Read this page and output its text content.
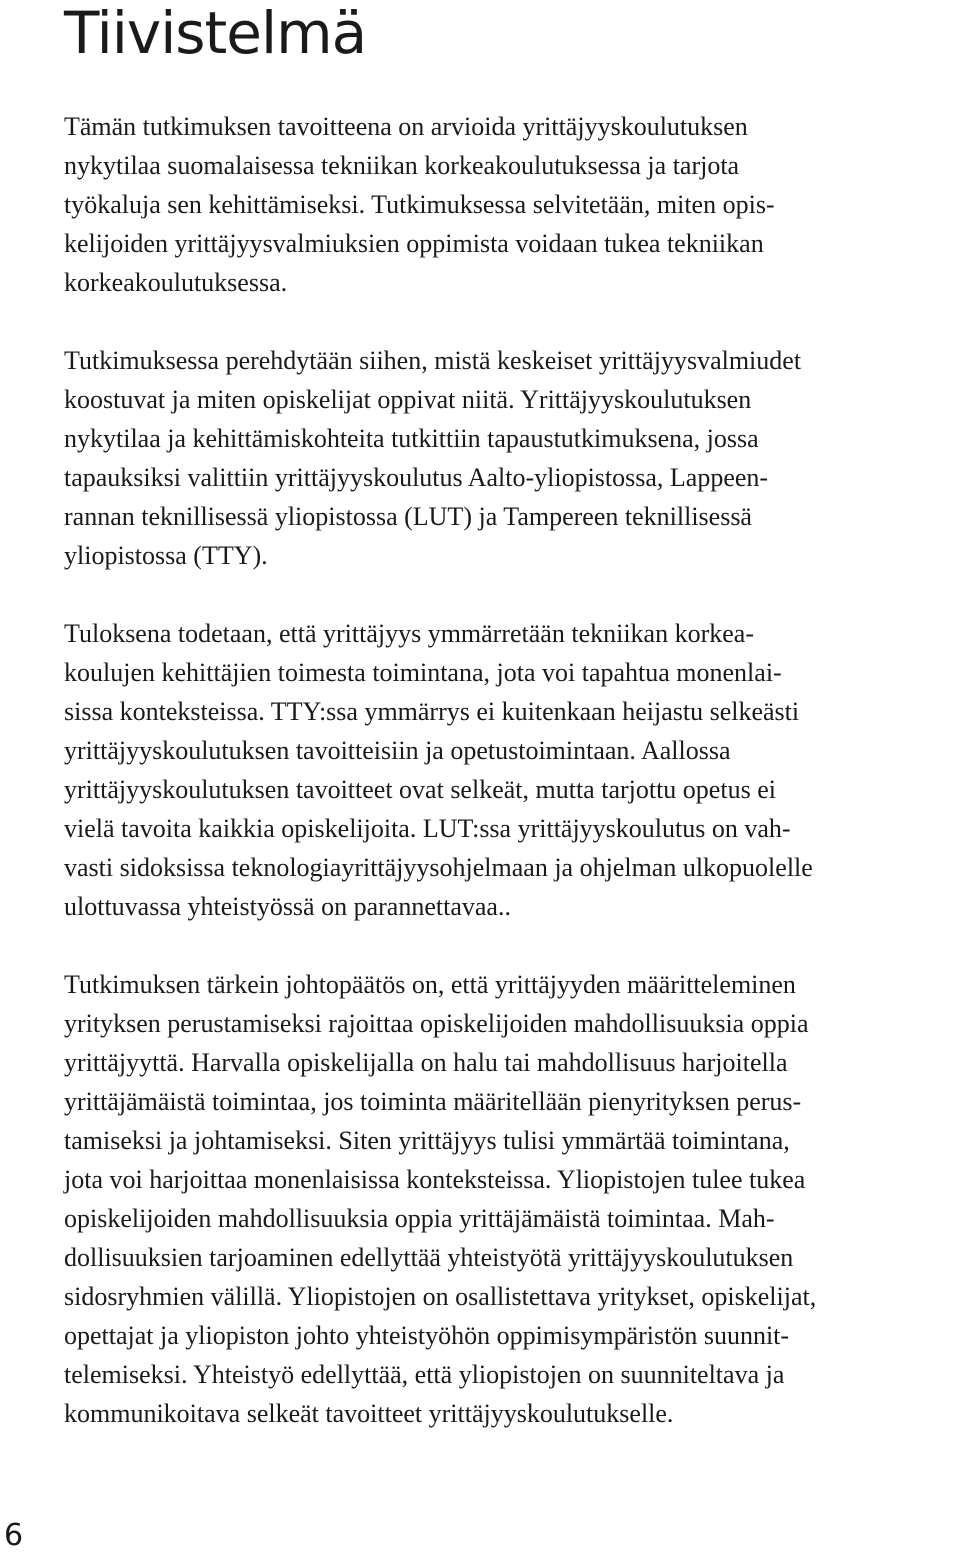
Tiivistelmä

Tämän tutkimuksen tavoitteena on arvioida yrittäjyyskoulutuksen
nykytilaa suomalaisessa tekniikan korkeakoulutuksessa ja tarjota
työkaluja sen kehittämiseksi. Tutkimuksessa selvitetään, miten opis-
kelijoiden yrittäjyysvalmiuksien oppimista voidaan tukea tekniikan
korkeakoulutuksessa.

Tutkimuksessa perehdytään siihen, mistä keskeiset yrittäjyysvalmiudet
koostuvat ja miten opiskelijat oppivat niitä. Yrittäjyyskoulutuksen
nykytilaa ja kehittämiskohteita tutkittiin tapaustutkimuksena, jossa
tapauksiksi valittiin yrittäjyyskoulutus Aalto-yliopistossa, Lappeen-
rannan teknillisessä yliopistossa (LUT) ja Tampereen teknillisessä
yliopistossa (TTY).

Tuloksena todetaan, että yrittäjyys ymmärretään tekniikan korkea-
koulujen kehittäjien toimesta toimintana, jota voi tapahtua monenlai-
sissa konteksteissa. TTY:ssa ymmärrys ei kuitenkaan heijastu selkeästi
yrittäjyyskoulutuksen tavoitteisiin ja opetustoimintaan. Aallossa
yrittäjyyskoulutuksen tavoitteet ovat selkeät, mutta tarjottu opetus ei
vielä tavoita kaikkia opiskelijoita. LUT:ssa yrittäjyyskoulutus on vah-
vasti sidoksissa teknologiayrittäjyysohjelmaan ja ohjelman ulkopuolelle
ulottuvassa yhteistyössä on parannettavaa..

Tutkimuksen tärkein johtopäätös on, että yrittäjyyden määritteleminen
yrityksen perustamiseksi rajoittaa opiskelijoiden mahdollisuuksia oppia
yrittäjyyttä. Harvalla opiskelijalla on halu tai mahdollisuus harjoitella
yrittäjämäistä toimintaa, jos toiminta määritellään pienyrityksen perus-
tamiseksi ja johtamiseksi. Siten yrittäjyys tulisi ymmärtää toimintana,
jota voi harjoittaa monenlaisissa konteksteissa. Yliopistojen tulee tukea
opiskelijoiden mahdollisuuksia oppia yrittäjämäistä toimintaa. Mah-
dollisuuksien tarjoaminen edellyttää yhteistyötä yrittäjyyskoulutuksen
sidosryhmien välillä. Yliopistojen on osallistettava yritykset, opiskelijat,
opettajat ja yliopiston johto yhteistyöhön oppimisympäristön suunnit-
telemiseksi. Yhteistyö edellyttää, että yliopistojen on suunniteltava ja
kommunikoitava selkeät tavoitteet yrittäjyyskoulutukselle.

6
